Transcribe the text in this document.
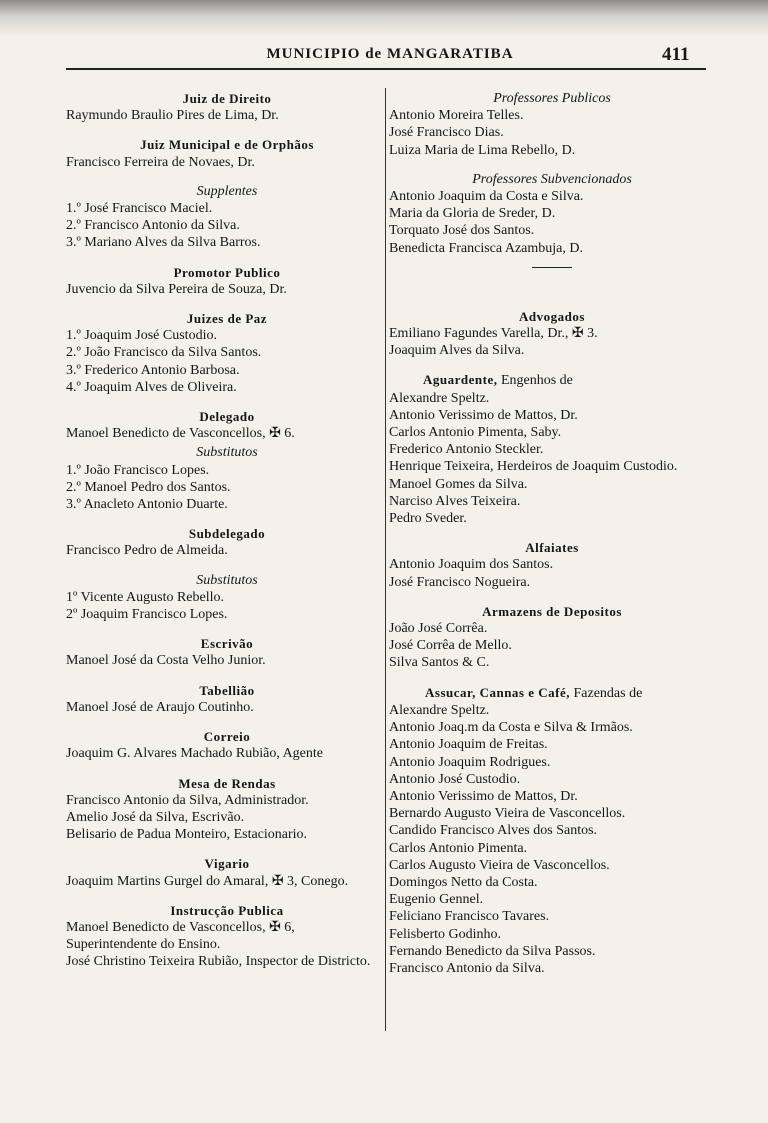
MUNICIPIO de MANGARATIBA	411
Juiz de Direito
Raymundo Braulio Pires de Lima, Dr.
Juiz Municipal e de Orphãos
Francisco Ferreira de Novaes, Dr.
Supplentes
1.º José Francisco Maciel.
2.º Francisco Antonio da Silva.
3.º Mariano Alves da Silva Barros.
Promotor Publico
Juvencio da Silva Pereira de Souza, Dr.
Juizes de Paz
1.º Joaquim José Custodio.
2.º João Francisco da Silva Santos.
3.º Frederico Antonio Barbosa.
4.º Joaquim Alves de Oliveira.
Delegado
Manoel Benedicto de Vasconcellos, ✠ 6.
Substitutos
1.º João Francisco Lopes.
2.º Manoel Pedro dos Santos.
3.º Anacleto Antonio Duarte.
Subdelegado
Francisco Pedro de Almeida.
Substitutos
1º Vicente Augusto Rebello.
2º Joaquim Francisco Lopes.
Escrivão
Manoel José da Costa Velho Junior.
Tabellião
Manoel José de Araujo Coutinho.
Correio
Joaquim G. Alvares Machado Rubião, Agente
Mesa de Rendas
Francisco Antonio da Silva, Administrador.
Amelio José da Silva, Escrivão.
Belisario de Padua Monteiro, Estacionario.
Vigario
Joaquim Martins Gurgel do Amaral, ✠ 3, Conego.
Instrucção Publica
Manoel Benedicto de Vasconcellos, ✠ 6, Superintendente do Ensino.
José Christino Teixeira Rubião, Inspector de Districto.
Professores Publicos
Antonio Moreira Telles.
José Francisco Dias.
Luiza Maria de Lima Rebello, D.
Professores Subvencionados
Antonio Joaquim da Costa e Silva.
Maria da Gloria de Sreder, D.
Torquato José dos Santos.
Benedicta Francisca Azambuja, D.
Advogados
Emiliano Fagundes Varella, Dr., ✠ 3.
Joaquim Alves da Silva.
Aguardente, Engenhos de
Alexandre Speltz.
Antonio Verissimo de Mattos, Dr.
Carlos Antonio Pimenta, Saby.
Frederico Antonio Steckler.
Henrique Teixeira, Herdeiros de Joaquim Custodio.
Manoel Gomes da Silva.
Narciso Alves Teixeira.
Pedro Sveder.
Alfaiates
Antonio Joaquim dos Santos.
José Francisco Nogueira.
Armazens de Depositos
João José Corrêa.
José Corrêa de Mello.
Silva Santos & C.
Assucar, Cannas e Café, Fazendas de
Alexandre Speltz.
Antonio Joaq.m da Costa e Silva & Irmãos.
Antonio Joaquim de Freitas.
Antonio Joaquim Rodrigues.
Antonio José Custodio.
Antonio Verissimo de Mattos, Dr.
Bernardo Augusto Vieira de Vasconcellos.
Candido Francisco Alves dos Santos.
Carlos Antonio Pimenta.
Carlos Augusto Vieira de Vasconcellos.
Domingos Netto da Costa.
Eugenio Gennel.
Feliciano Francisco Tavares.
Felisberto Godinho.
Fernando Benedicto da Silva Passos.
Francisco Antonio da Silva.
